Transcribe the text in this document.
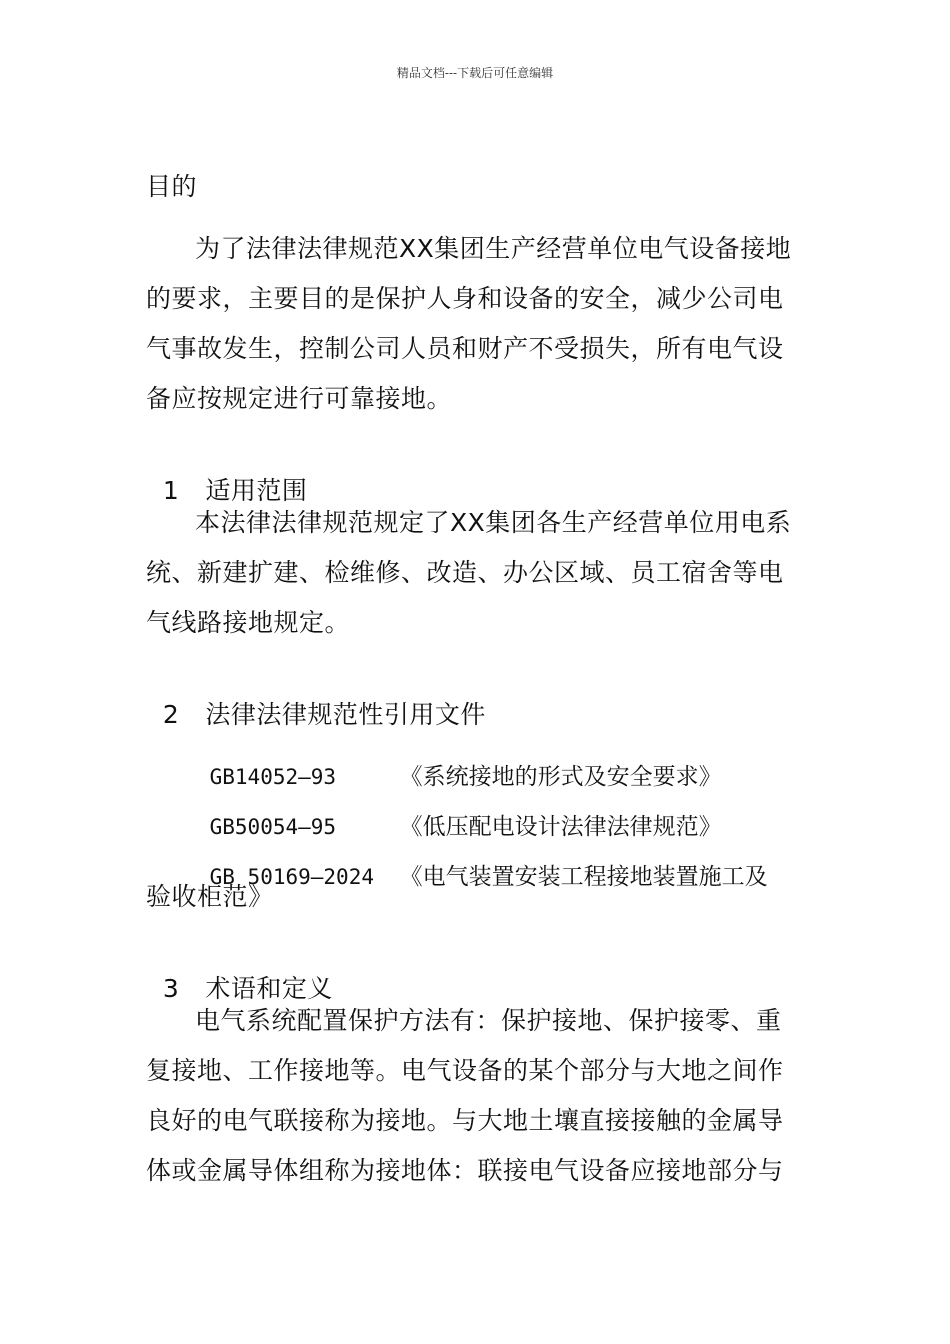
精品文档---下载后可任意编辑
目的
为了法律法律规范XX集团生产经营单位电气设备接地
的要求，主要目的是保护人身和设备的安全，减少公司电
气事故发生，控制公司人员和财产不受损失，所有电气设
备应按规定进行可靠接地。

1 适用范围

本法律法律规范规定了XX集团各生产经营单位用电系
统、新建扩建、检维修、改造、办公区域、员工宿舍等电
气线路接地规定。

2 法律法律规范性引用文件

GB14052—93	《系统接地的形式及安全要求》

GB50054—95	《低压配电设计法律法律规范》

GB 50169—2024 《电气装置安装工程接地装置施工及

验收柜范》

3 术语和定义

电气系统配置保护方法有：保护接地、保护接零、重
复接地、工作接地等。电气设备的某个部分与大地之间作
良好的电气联接称为接地。与大地土壤直接接触的金属导
体或金属导体组称为接地体：联接电气设备应接地部分与
